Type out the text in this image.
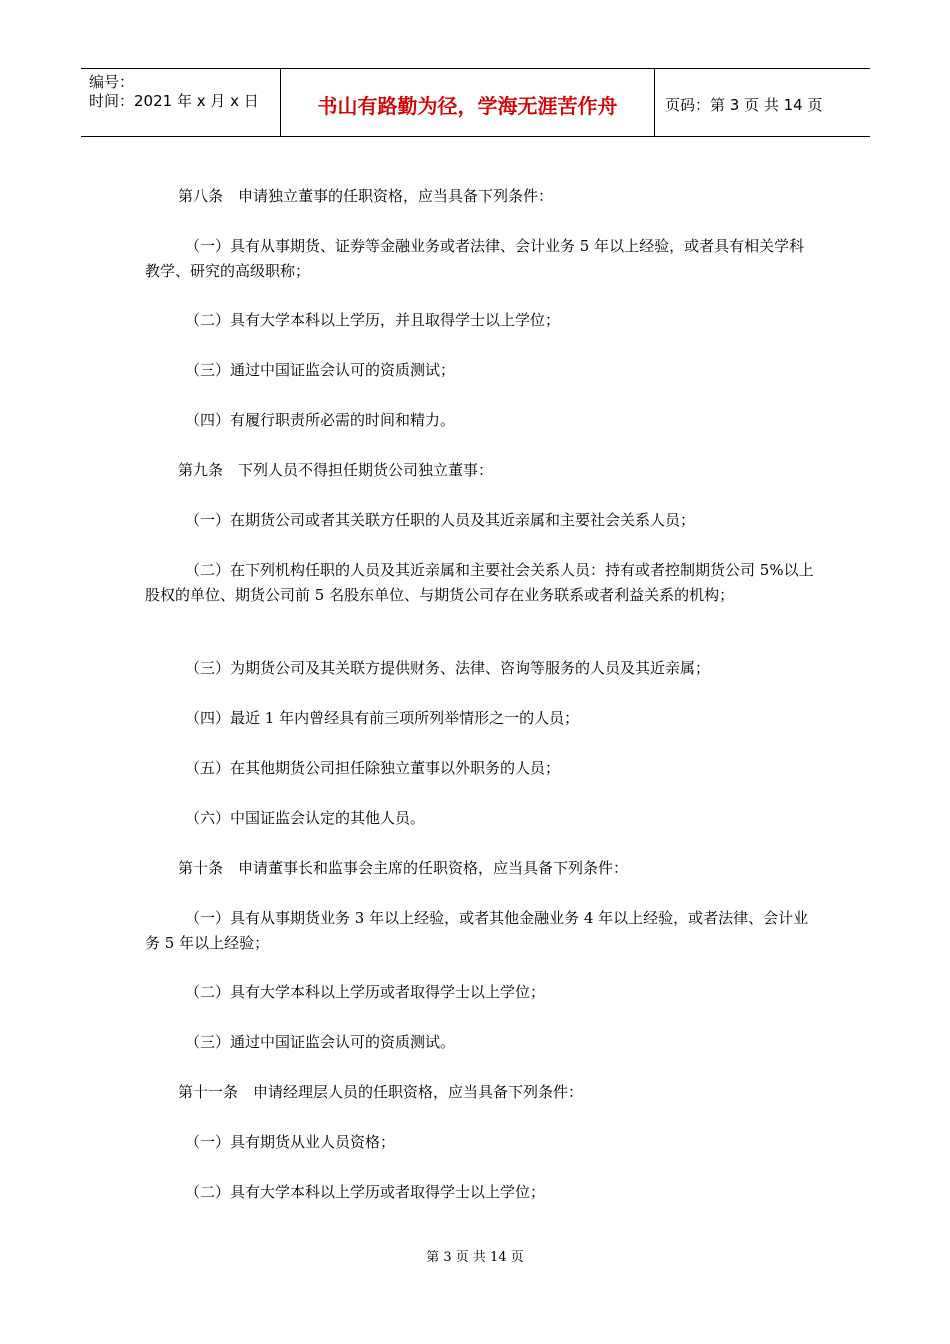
编号：
时间：2021 年 x 月 x 日	书山有路勤为径，学海无涯苦作舟	页码：第 3 页 共 14 页

第八条　申请独立董事的任职资格，应当具备下列条件：

（一）具有从事期货、证券等金融业务或者法律、会计业务 5 年以上经验，或者具有相关学科教学、研究的高级职称；

（二）具有大学本科以上学历，并且取得学士以上学位；

（三）通过中国证监会认可的资质测试；

（四）有履行职责所必需的时间和精力。

第九条　下列人员不得担任期货公司独立董事：

（一）在期货公司或者其关联方任职的人员及其近亲属和主要社会关系人员；

（二）在下列机构任职的人员及其近亲属和主要社会关系人员：持有或者控制期货公司 5%以上股权的单位、期货公司前 5 名股东单位、与期货公司存在业务联系或者利益关系的机构；

（三）为期货公司及其关联方提供财务、法律、咨询等服务的人员及其近亲属；

（四）最近 1 年内曾经具有前三项所列举情形之一的人员；

（五）在其他期货公司担任除独立董事以外职务的人员；

（六）中国证监会认定的其他人员。

第十条　申请董事长和监事会主席的任职资格，应当具备下列条件：

（一）具有从事期货业务 3 年以上经验，或者其他金融业务 4 年以上经验，或者法律、会计业务 5 年以上经验；

（二）具有大学本科以上学历或者取得学士以上学位；

（三）通过中国证监会认可的资质测试。

第十一条　申请经理层人员的任职资格，应当具备下列条件：

（一）具有期货从业人员资格；

（二）具有大学本科以上学历或者取得学士以上学位；

第 3 页 共 14 页
